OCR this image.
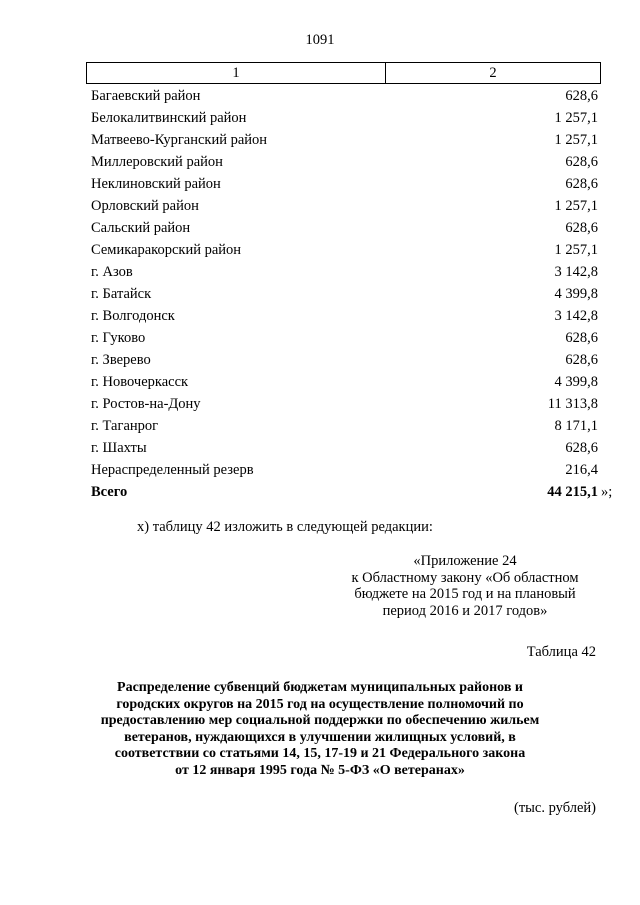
1091
1	2
Багаевский район	628,6
Белокалитвинский район	1 257,1
Матвеево-Курганский район	1 257,1
Миллеровский район	628,6
Неклиновский район	628,6
Орловский район	1 257,1
Сальский район	628,6
Семикаракорский район	1 257,1
г. Азов	3 142,8
г. Батайск	4 399,8
г. Волгодонск	3 142,8
г. Гуково	628,6
г. Зверево	628,6
г. Новочеркасск	4 399,8
г. Ростов-на-Дону	11 313,8
г. Таганрог	8 171,1
г. Шахты	628,6
Нераспределенный резерв	216,4
Всего	44 215,1 »;
х) таблицу 42 изложить в следующей редакции:
«Приложение 24
к Областному закону «Об областном
бюджете на 2015 год и на плановый
период 2016 и 2017 годов»
Таблица 42
Распределение субвенций бюджетам муниципальных районов и
городских округов на 2015 год на осуществление полномочий по
предоставлению мер социальной поддержки по обеспечению жильем
ветеранов, нуждающихся в улучшении жилищных условий, в
соответствии со статьями 14, 15, 17-19 и 21 Федерального закона
от 12 января 1995 года № 5-ФЗ «О ветеранах»
(тыс. рублей)
